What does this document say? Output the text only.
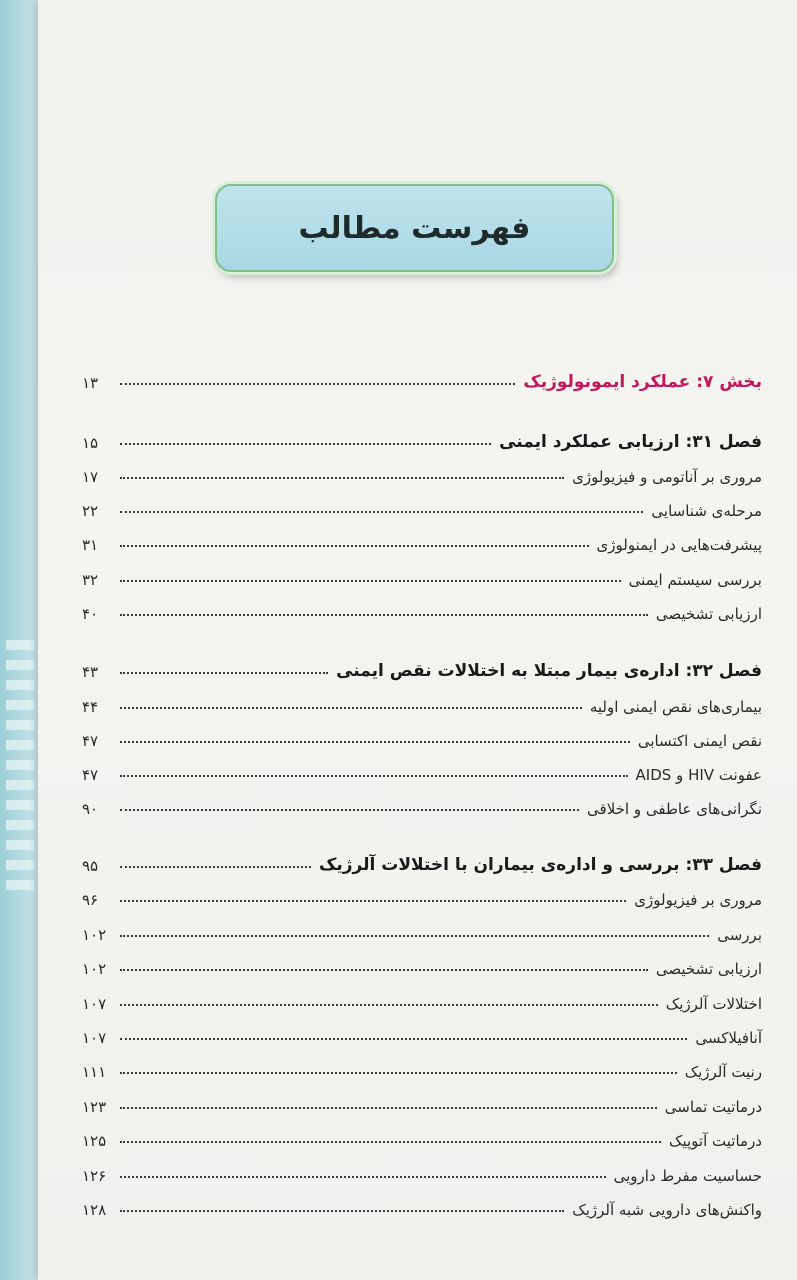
فهرست مطالب
بخش ۷: عملکرد ایمونولوژیک
۱۳
فصل ۳۱: ارزیابی عملکرد ایمنی
۱۵
مروری بر آناتومی و فیزیولوژی
۱۷
مرحله‌ی شناسایی
۲۲
پیشرفت‌هایی در ایمنولوژی
۳۱
بررسی سیستم ایمنی
۳۲
ارزیابی تشخیصی
۴۰
فصل ۳۲: اداره‌ی بیمار مبتلا به اختلالات نقص ایمنی
۴۳
بیماری‌های نقص ایمنی اولیه
۴۴
نقص ایمنی اکتسابی
۴۷
عفونت HIV و AIDS
۴۷
نگرانی‌های عاطفی و اخلاقی
۹۰
فصل ۳۳: بررسی و اداره‌ی بیماران با اختلالات آلرژیک
۹۵
مروری بر فیزیولوژی
۹۶
بررسی
۱۰۲
ارزیابی تشخیصی
۱۰۲
اختلالات آلرژیک
۱۰۷
آنافیلاکسی
۱۰۷
رنیت آلرژیک
۱۱۱
درماتیت تماسی
۱۲۳
درماتیت آتوپیک
۱۲۵
حساسیت مفرط دارویی
۱۲۶
واکنش‌های دارویی شبه آلرژیک
۱۲۸
